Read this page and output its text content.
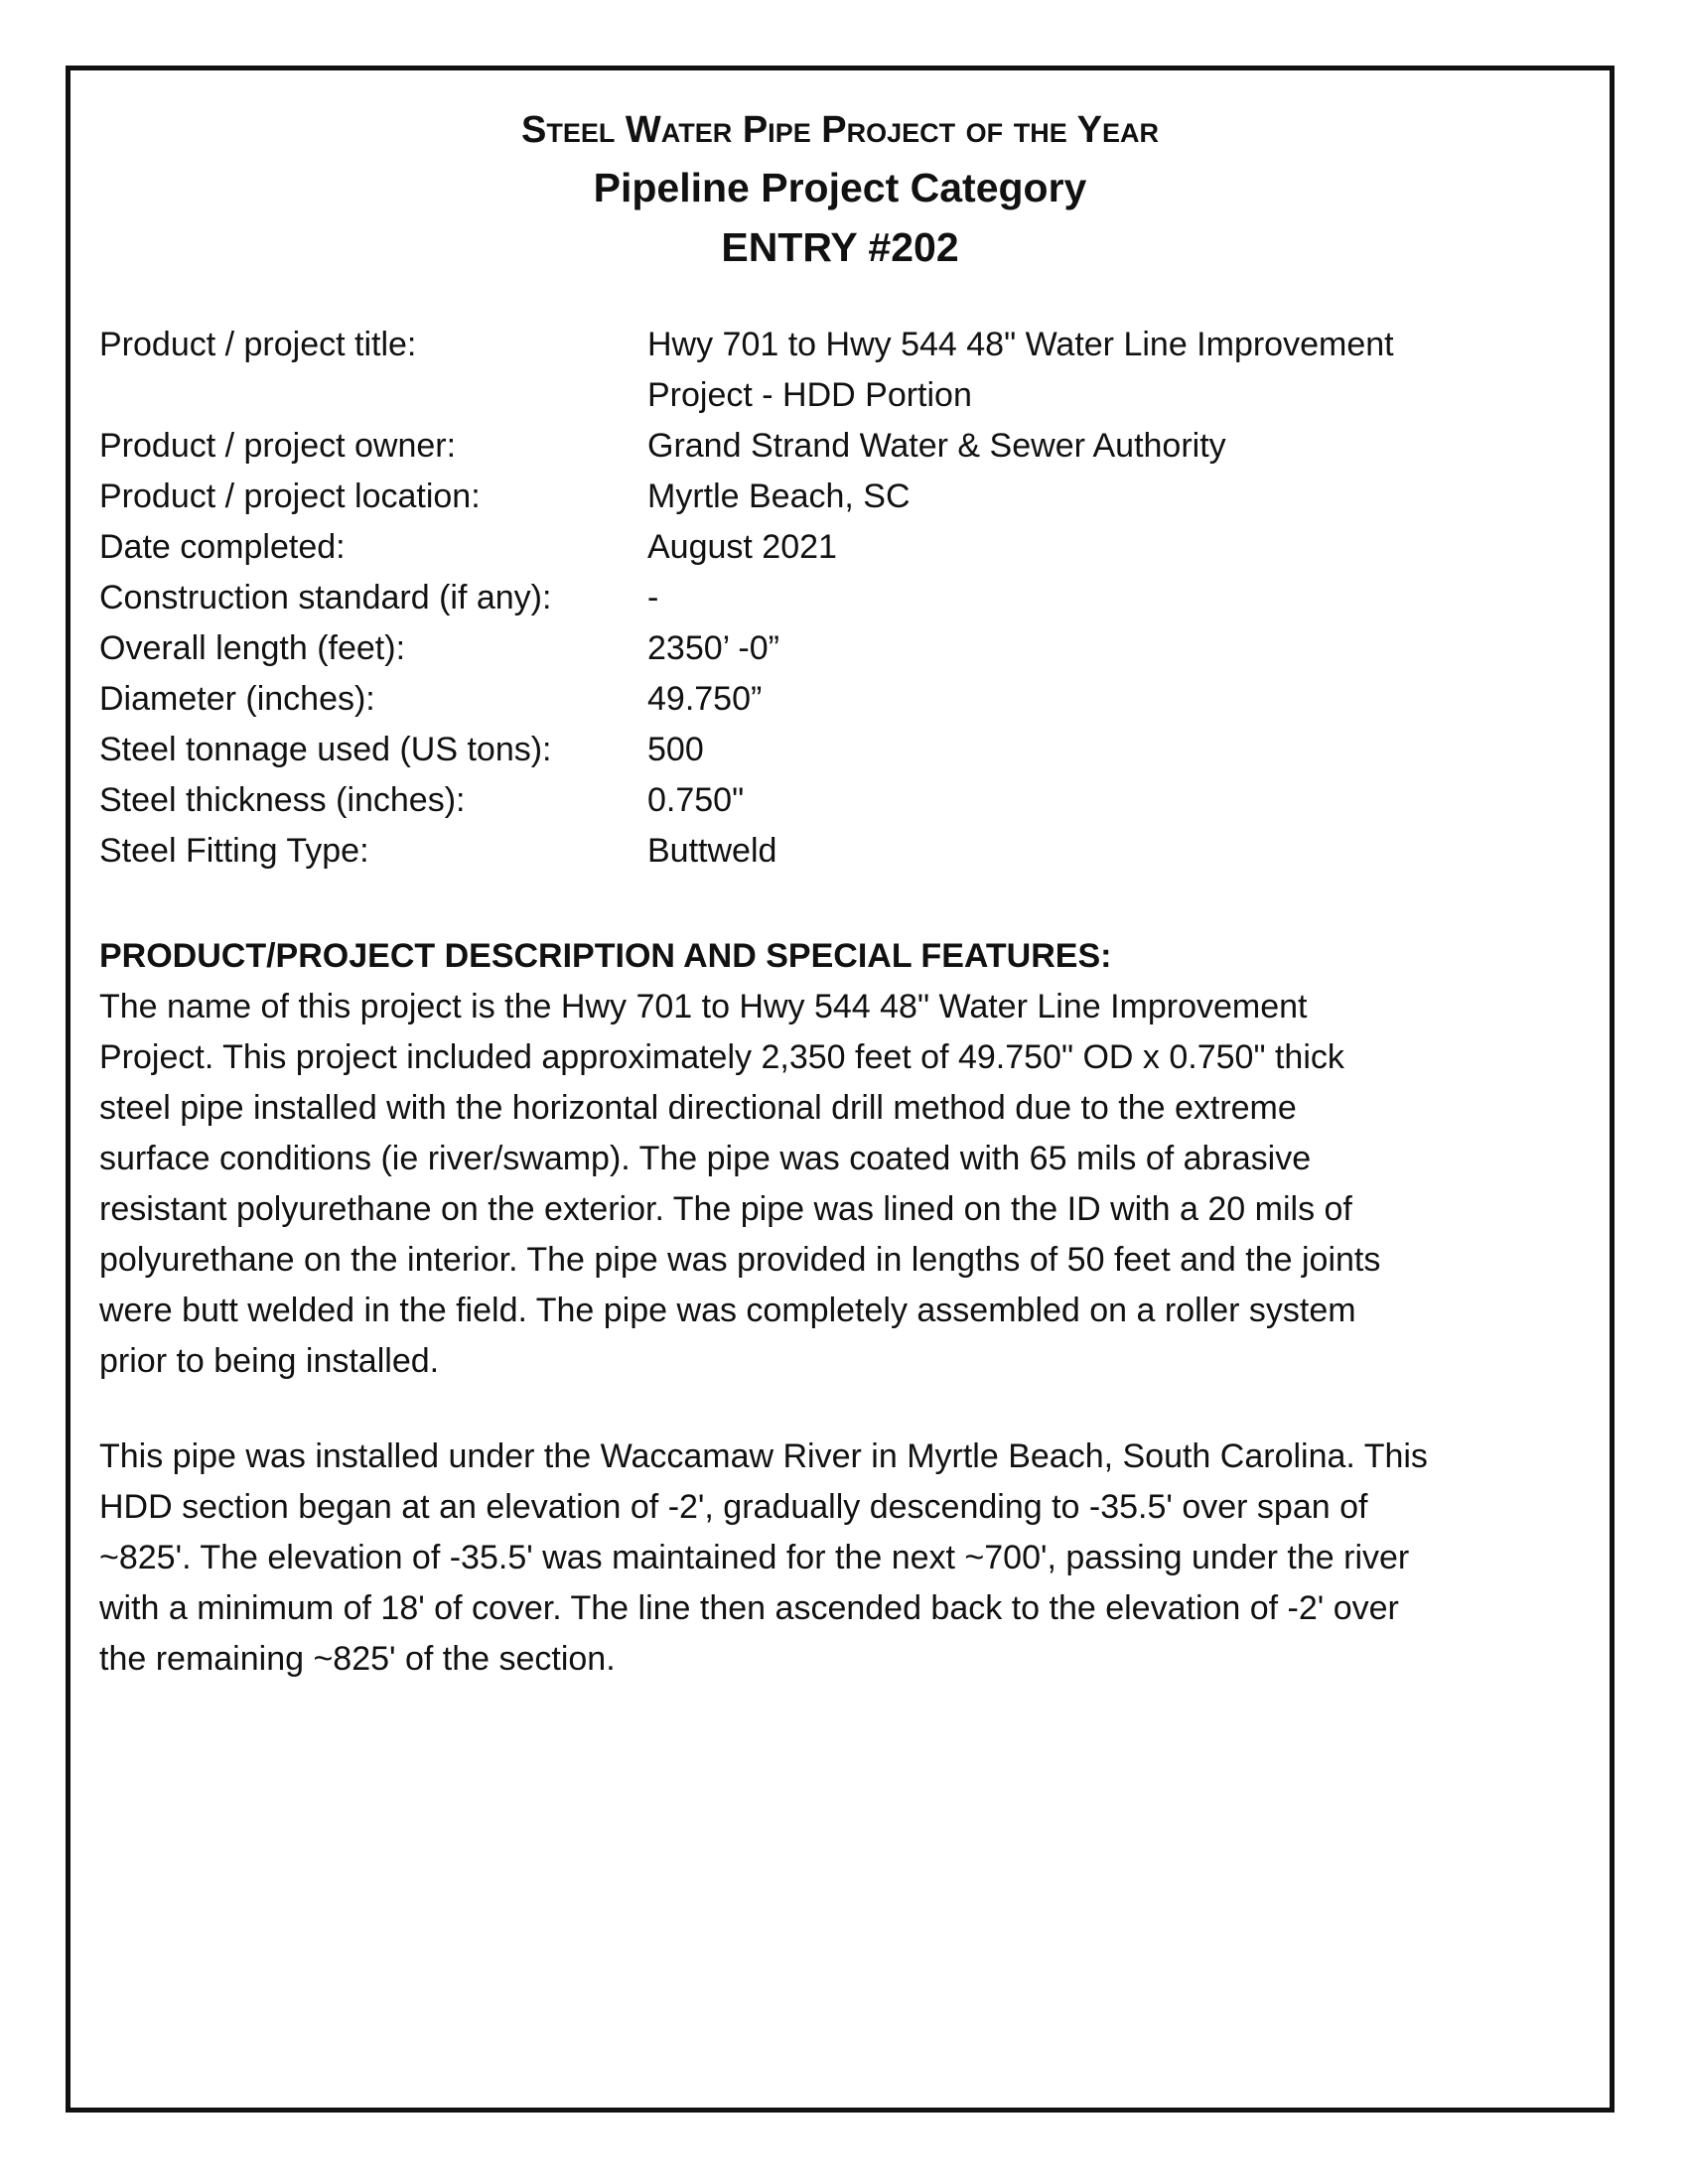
Steel Water Pipe Project of the Year
Pipeline Project Category
ENTRY #202
Product / project title:	Hwy 701 to Hwy 544 48" Water Line Improvement
Project - HDD Portion
Product / project owner:	Grand Strand Water & Sewer Authority
Product / project location:	Myrtle Beach, SC
Date completed:	August 2021
Construction standard (if any):	-
Overall length (feet):	2350’ -0”
Diameter (inches):	49.750”
Steel tonnage used (US tons):	500
Steel thickness (inches):	0.750"
Steel Fitting Type:	Buttweld
PRODUCT/PROJECT DESCRIPTION AND SPECIAL FEATURES:
The name of this project is the Hwy 701 to Hwy 544 48" Water Line Improvement
Project. This project included approximately 2,350 feet of 49.750" OD x 0.750" thick
steel pipe installed with the horizontal directional drill method due to the extreme
surface conditions (ie river/swamp). The pipe was coated with 65 mils of abrasive
resistant polyurethane on the exterior. The pipe was lined on the ID with a 20 mils of
polyurethane on the interior. The pipe was provided in lengths of 50 feet and the joints
were butt welded in the field. The pipe was completely assembled on a roller system
prior to being installed.
This pipe was installed under the Waccamaw River in Myrtle Beach, South Carolina. This
HDD section began at an elevation of -2', gradually descending to -35.5' over span of
~825'. The elevation of -35.5' was maintained for the next ~700', passing under the river
with a minimum of 18' of cover. The line then ascended back to the elevation of -2' over
the remaining ~825' of the section.
